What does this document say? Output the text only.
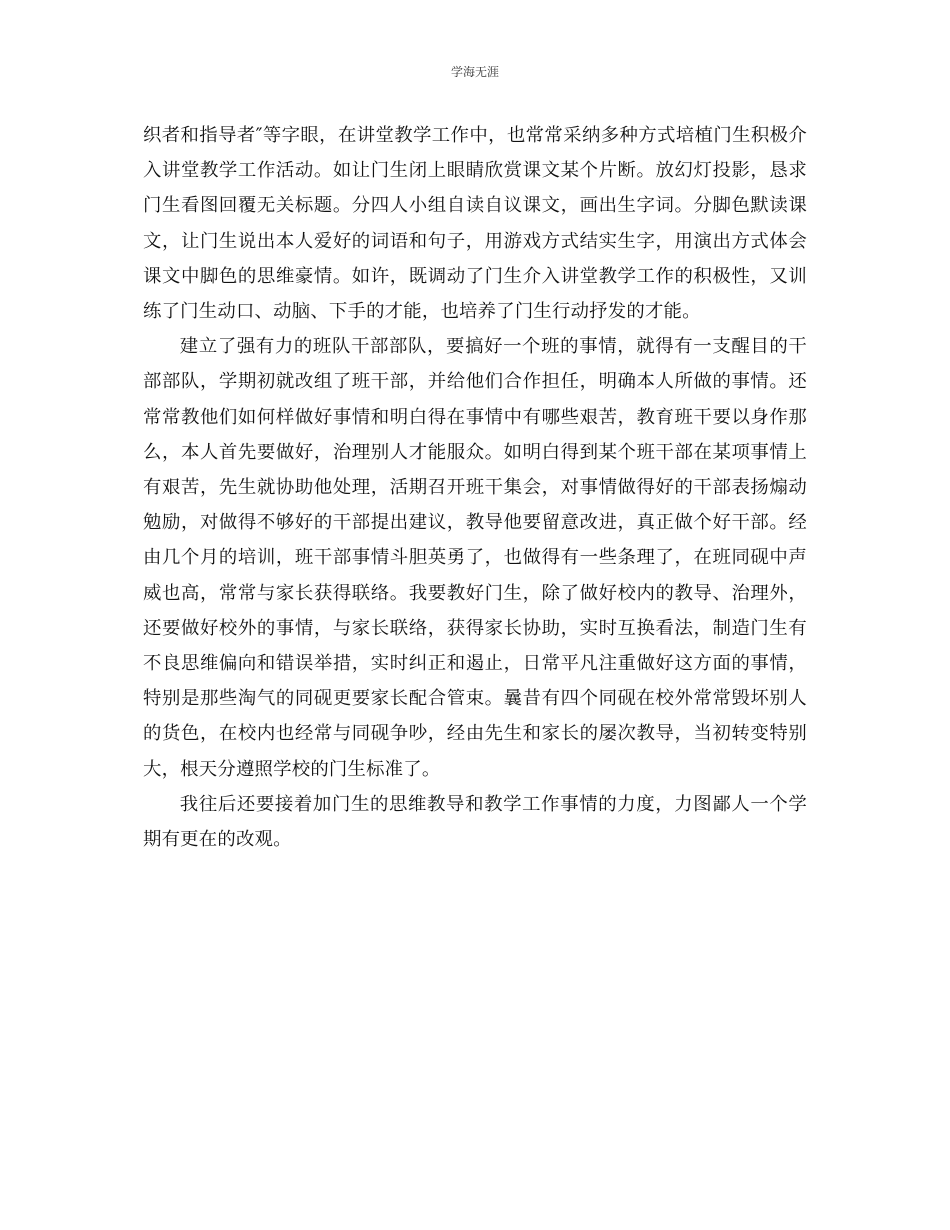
学海无涯

织者和指导者″等字眼，在讲堂教学工作中，也常常采纳多种方式培植门生积极介入讲堂教学工作活动。如让门生闭上眼睛欣赏课文某个片断。放幻灯投影，恳求门生看图回覆无关标题。分四人小组自读自议课文，画出生字词。分脚色默读课文，让门生说出本人爱好的词语和句子，用游戏方式结实生字，用演出方式体会课文中脚色的思维豪情。如许，既调动了门生介入讲堂教学工作的积极性，又训练了门生动口、动脑、下手的才能，也培养了门生行动抒发的才能。

建立了强有力的班队干部部队，要搞好一个班的事情，就得有一支醒目的干部部队，学期初就改组了班干部，并给他们合作担任，明确本人所做的事情。还常常教他们如何样做好事情和明白得在事情中有哪些艰苦，教育班干要以身作那么，本人首先要做好，治理别人才能服众。如明白得到某个班干部在某项事情上有艰苦，先生就协助他处理，活期召开班干集会，对事情做得好的干部表扬煽动勉励，对做得不够好的干部提出建议，教导他要留意改进，真正做个好干部。经由几个月的培训，班干部事情斗胆英勇了，也做得有一些条理了，在班同砚中声威也高，常常与家长获得联络。我要教好门生，除了做好校内的教导、治理外，还要做好校外的事情，与家长联络，获得家长协助，实时互换看法，制造门生有不良思维偏向和错误举措，实时纠正和遏止，日常平凡注重做好这方面的事情，特别是那些淘气的同砚更要家长配合管束。曩昔有四个同砚在校外常常毁坏别人的货色，在校内也经常与同砚争吵，经由先生和家长的屡次教导，当初转变特别大，根天分遵照学校的门生标准了。

我往后还要接着加门生的思维教导和教学工作事情的力度，力图鄙人一个学期有更在的改观。
